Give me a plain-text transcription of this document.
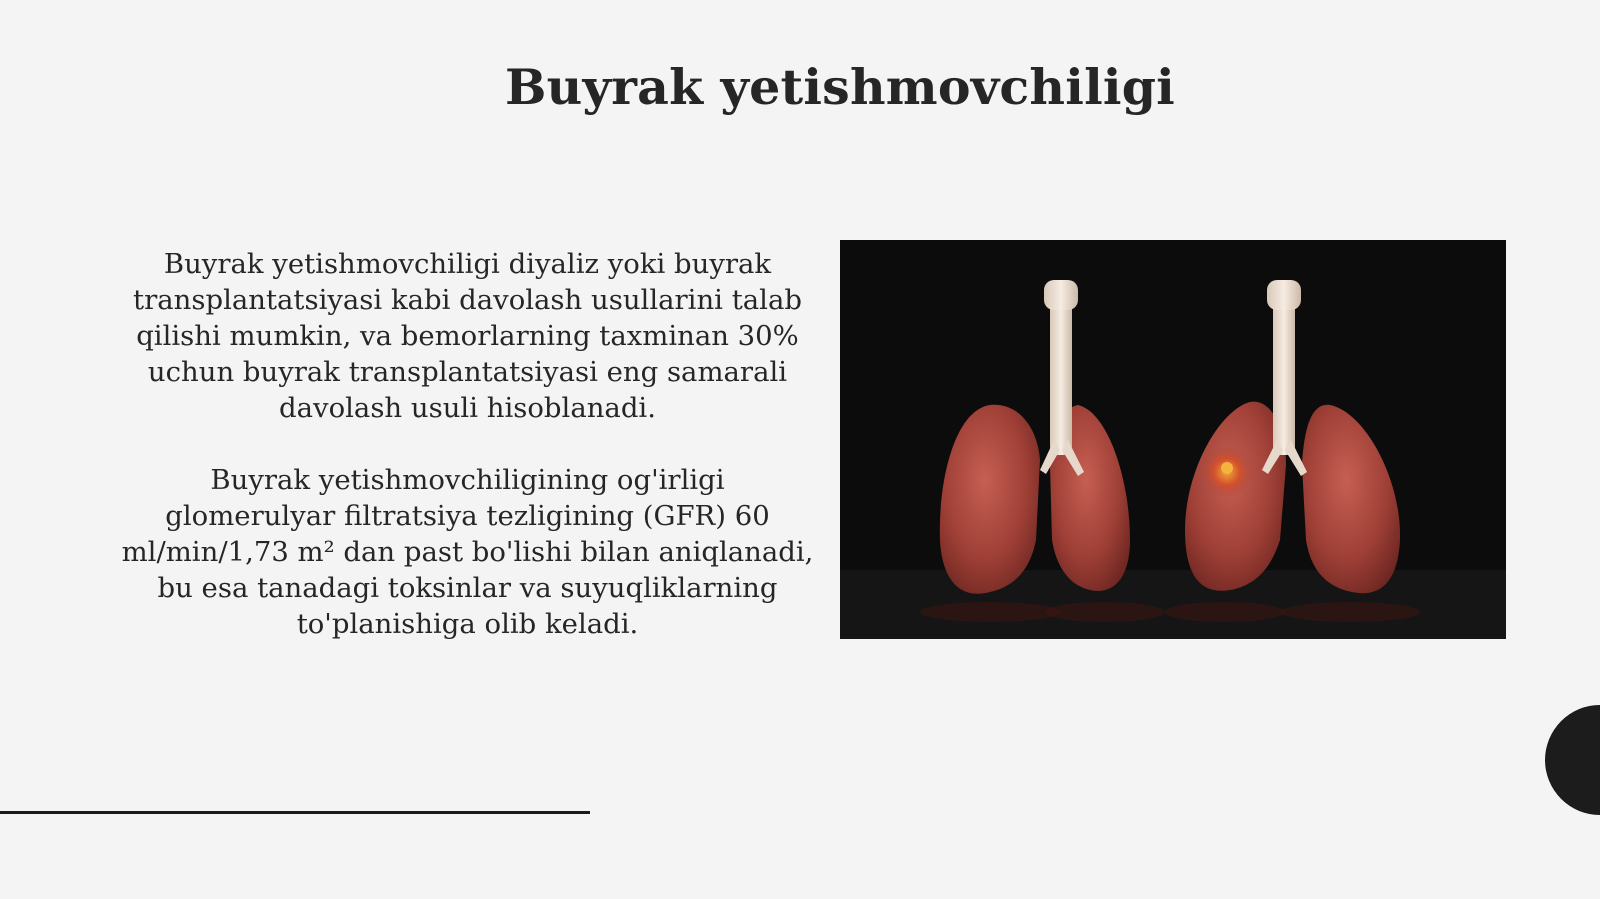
Buyrak yetishmovchiligi

Buyrak yetishmovchiligi diyaliz yoki buyrak
transplantatsiyasi kabi davolash usullarini talab
qilishi mumkin, va bemorlarning taxminan 30%
uchun buyrak transplantatsiyasi eng samarali
davolash usuli hisoblanadi.

Buyrak yetishmovchiligining og'irligi
glomerulyar filtratsiya tezligining (GFR) 60
ml/min/1,73 m² dan past bo'lishi bilan aniqlanadi,
bu esa tanadagi toksinlar va suyuqliklarning
to'planishiga olib keladi.
